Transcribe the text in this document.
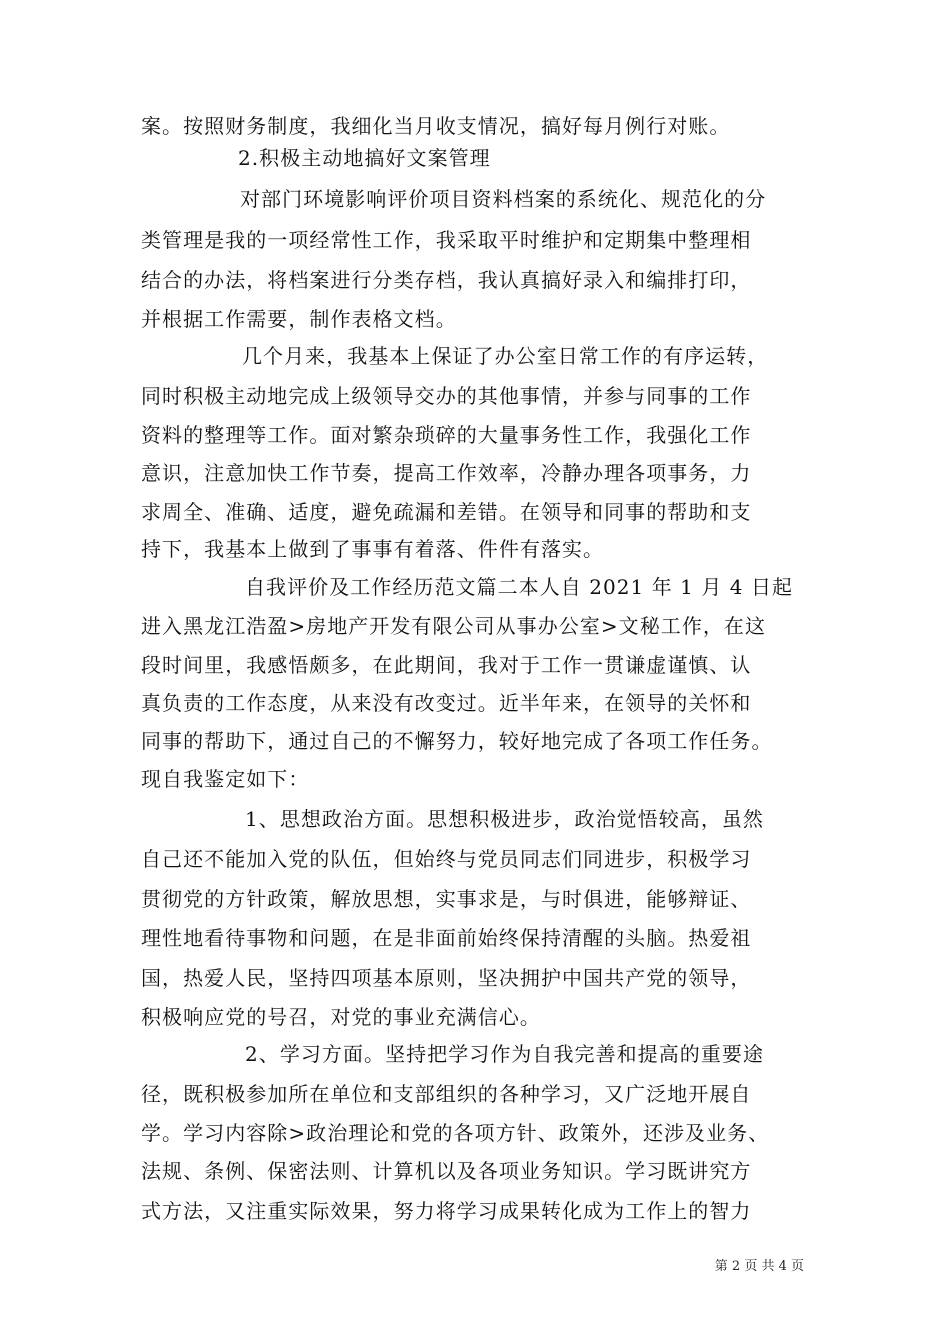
案。按照财务制度，我细化当月收支情况，搞好每月例行对账。
2.积极主动地搞好文案管理
对部门环境影响评价项目资料档案的系统化、规范化的分
类管理是我的一项经常性工作，我采取平时维护和定期集中整理相
结合的办法，将档案进行分类存档，我认真搞好录入和编排打印，
并根据工作需要，制作表格文档。
几个月来，我基本上保证了办公室日常工作的有序运转，
同时积极主动地完成上级领导交办的其他事情，并参与同事的工作
资料的整理等工作。面对繁杂琐碎的大量事务性工作，我强化工作
意识，注意加快工作节奏，提高工作效率，冷静办理各项事务，力
求周全、准确、适度，避免疏漏和差错。在领导和同事的帮助和支
持下，我基本上做到了事事有着落、件件有落实。
自我评价及工作经历范文篇二本人自 2021 年 1 月 4 日起
进入黑龙江浩盈>房地产开发有限公司从事办公室>文秘工作，在这
段时间里，我感悟颇多，在此期间，我对于工作一贯谦虚谨慎、认
真负责的工作态度，从来没有改变过。近半年来，在领导的关怀和
同事的帮助下，通过自己的不懈努力，较好地完成了各项工作任务。
现自我鉴定如下：
1、思想政治方面。思想积极进步，政治觉悟较高，虽然
自己还不能加入党的队伍，但始终与党员同志们同进步，积极学习
贯彻党的方针政策，解放思想，实事求是，与时俱进，能够辩证、
理性地看待事物和问题，在是非面前始终保持清醒的头脑。热爱祖
国，热爱人民，坚持四项基本原则，坚决拥护中国共产党的领导，
积极响应党的号召，对党的事业充满信心。
2、学习方面。坚持把学习作为自我完善和提高的重要途
径，既积极参加所在单位和支部组织的各种学习，又广泛地开展自
学。学习内容除>政治理论和党的各项方针、政策外，还涉及业务、
法规、条例、保密法则、计算机以及各项业务知识。学习既讲究方
式方法，又注重实际效果，努力将学习成果转化成为工作上的智力
第 2 页 共 4 页
